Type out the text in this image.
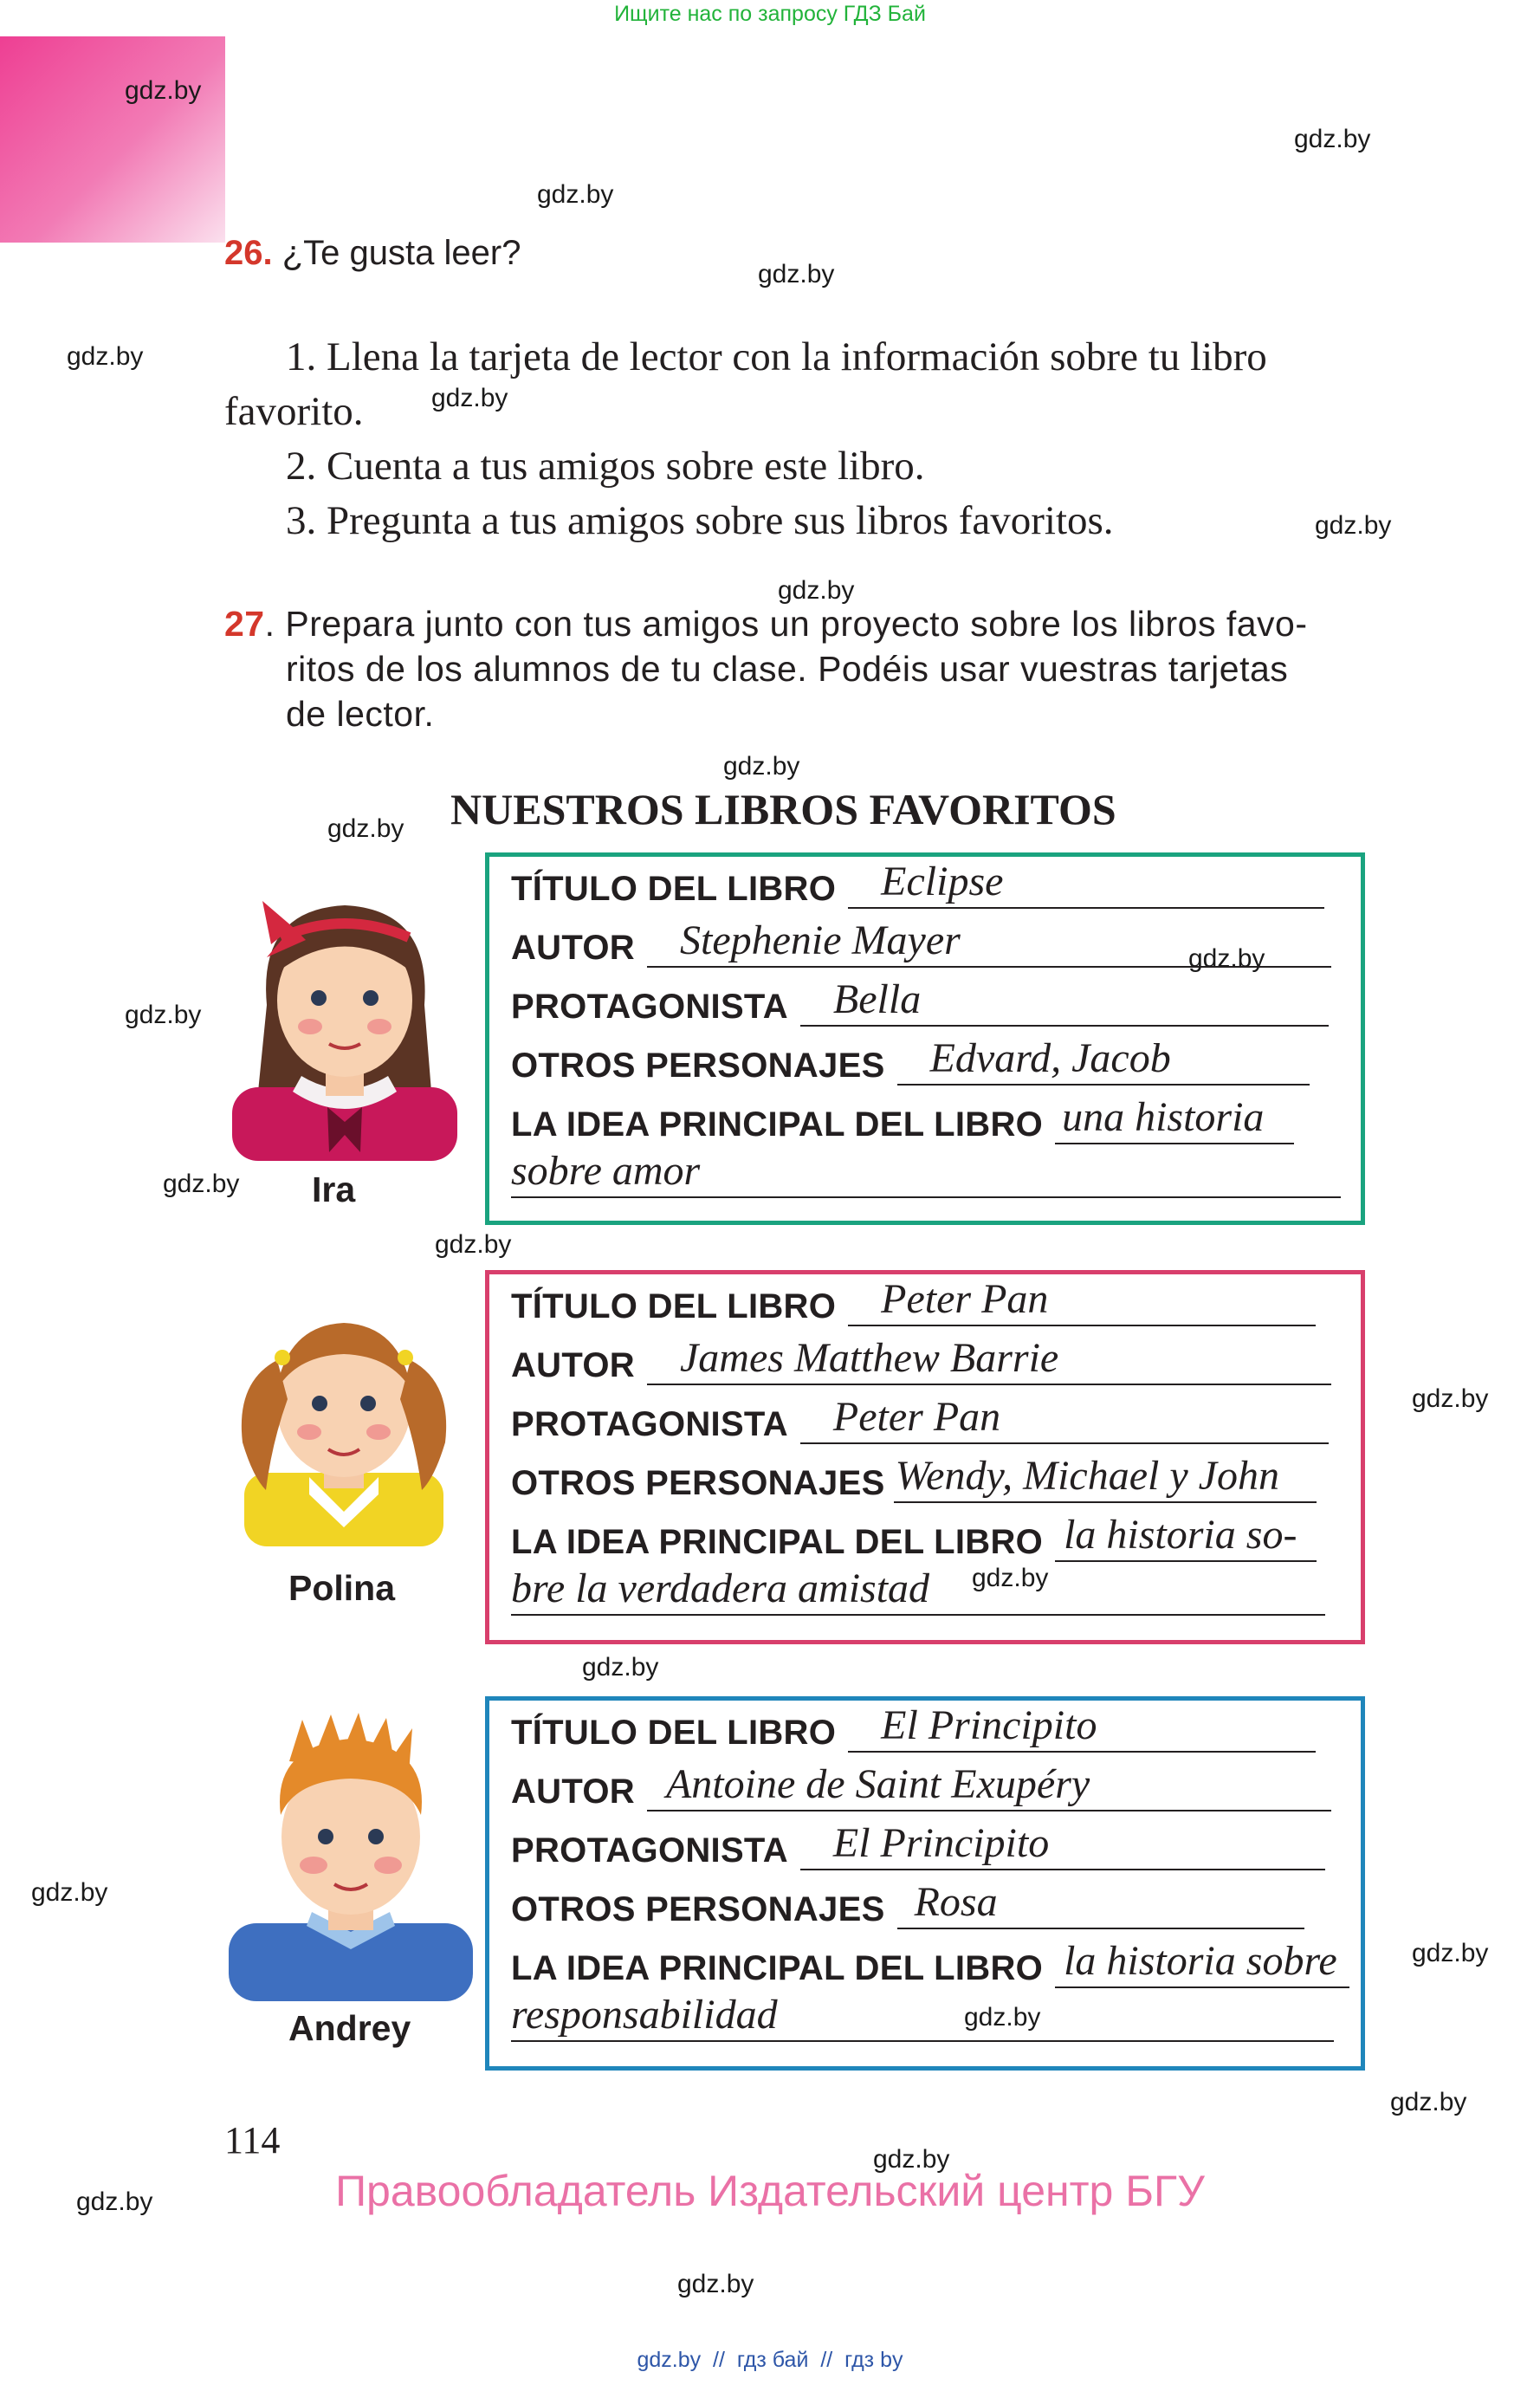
Ищите нас по запросу ГДЗ Бай
gdz.by
gdz.by
gdz.by
gdz.by
gdz.by
gdz.by
gdz.by
gdz.by
gdz.by
gdz.by
gdz.by
gdz.by
gdz.by
gdz.by
gdz.by
gdz.by
gdz.by
gdz.by
gdz.by
gdz.by
gdz.by
gdz.by
gdz.by
gdz.by
26. ¿Te gusta leer?
1. Llena la tarjeta de lector con la información sobre tu libro
favorito.
2. Cuenta a tus amigos sobre este libro.
3. Pregunta a tus amigos sobre sus libros favoritos.
27. Prepara junto con tus amigos un proyecto sobre los libros favo-
ritos de los alumnos de tu clase. Podéis usar vuestras tarjetas
de lector.
NUESTROS LIBROS FAVORITOS
TÍTULO DEL LIBRO Eclipse
AUTOR Stephenie Mayer
PROTAGONISTA Bella
OTROS PERSONAJES Edvard, Jacob
LA IDEA PRINCIPAL DEL LIBRO una historia
sobre amor
TÍTULO DEL LIBRO Peter Pan
AUTOR James Matthew Barrie
PROTAGONISTA Peter Pan
OTROS PERSONAJES Wendy, Michael y John
LA IDEA PRINCIPAL DEL LIBRO la historia so-
bre la verdadera amistad
TÍTULO DEL LIBRO El Principito
AUTOR Antoine de Saint Exupéry
PROTAGONISTA El Principito
OTROS PERSONAJES Rosa
LA IDEA PRINCIPAL DEL LIBRO la historia sobre
responsabilidad
Ira
Polina
Andrey
114
Правообладатель Издательский центр БГУ
gdz.by  //  гдз бай  //  гдз by
